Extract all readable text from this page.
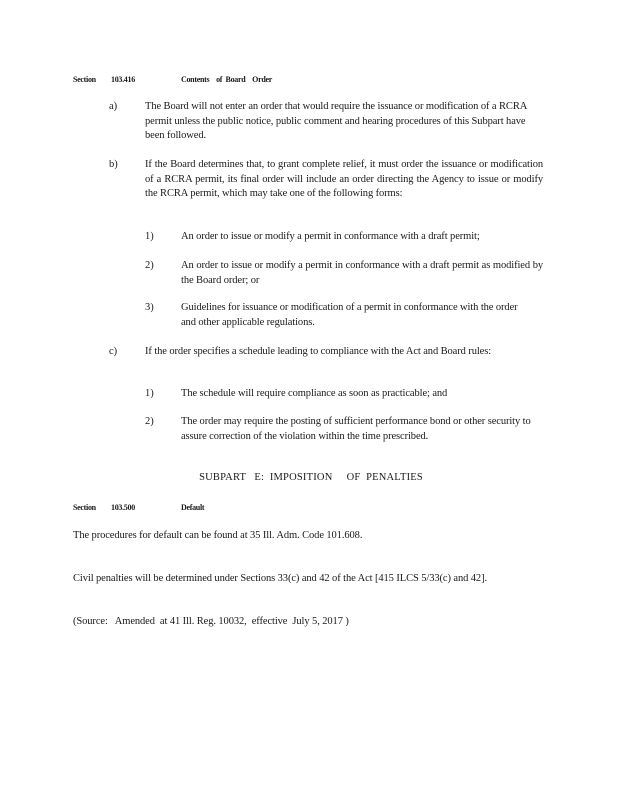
Section 103.416	Contents    of  Board    Order
a)	The Board will not enter an order that would require the issuance or modification of a RCRA permit unless the public notice, public comment and hearing procedures of this Subpart have been followed.
b)	If the Board determines that, to grant complete relief, it must order the issuance or modification of a RCRA permit, its final order will include an order directing the Agency to issue or modify the RCRA permit, which may take one of the following forms:
1)	An order to issue or modify a permit in conformance with a draft permit;
2)	An order to issue or modify a permit in conformance with a draft permit as modified by the Board order; or
3)	Guidelines for issuance or modification of a permit in conformance with the order and other applicable regulations.
c)	If the order specifies a schedule leading to compliance with the Act and Board rules:
1)	The schedule will require compliance as soon as practicable; and
2)	The order may require the posting of sufficient performance bond or other security to assure correction of the violation within the time prescribed.
SUBPART   E:  IMPOSITION     OF  PENALTIES
Section 103.500	Default
The procedures for default can be found at 35 Ill. Adm. Code 101.608.
Civil penalties will be determined under Sections 33(c) and 42 of the Act [415 ILCS 5/33(c) and 42].
(Source:   Amended  at 41 Ill. Reg. 10032,  effective  July 5, 2017 )
